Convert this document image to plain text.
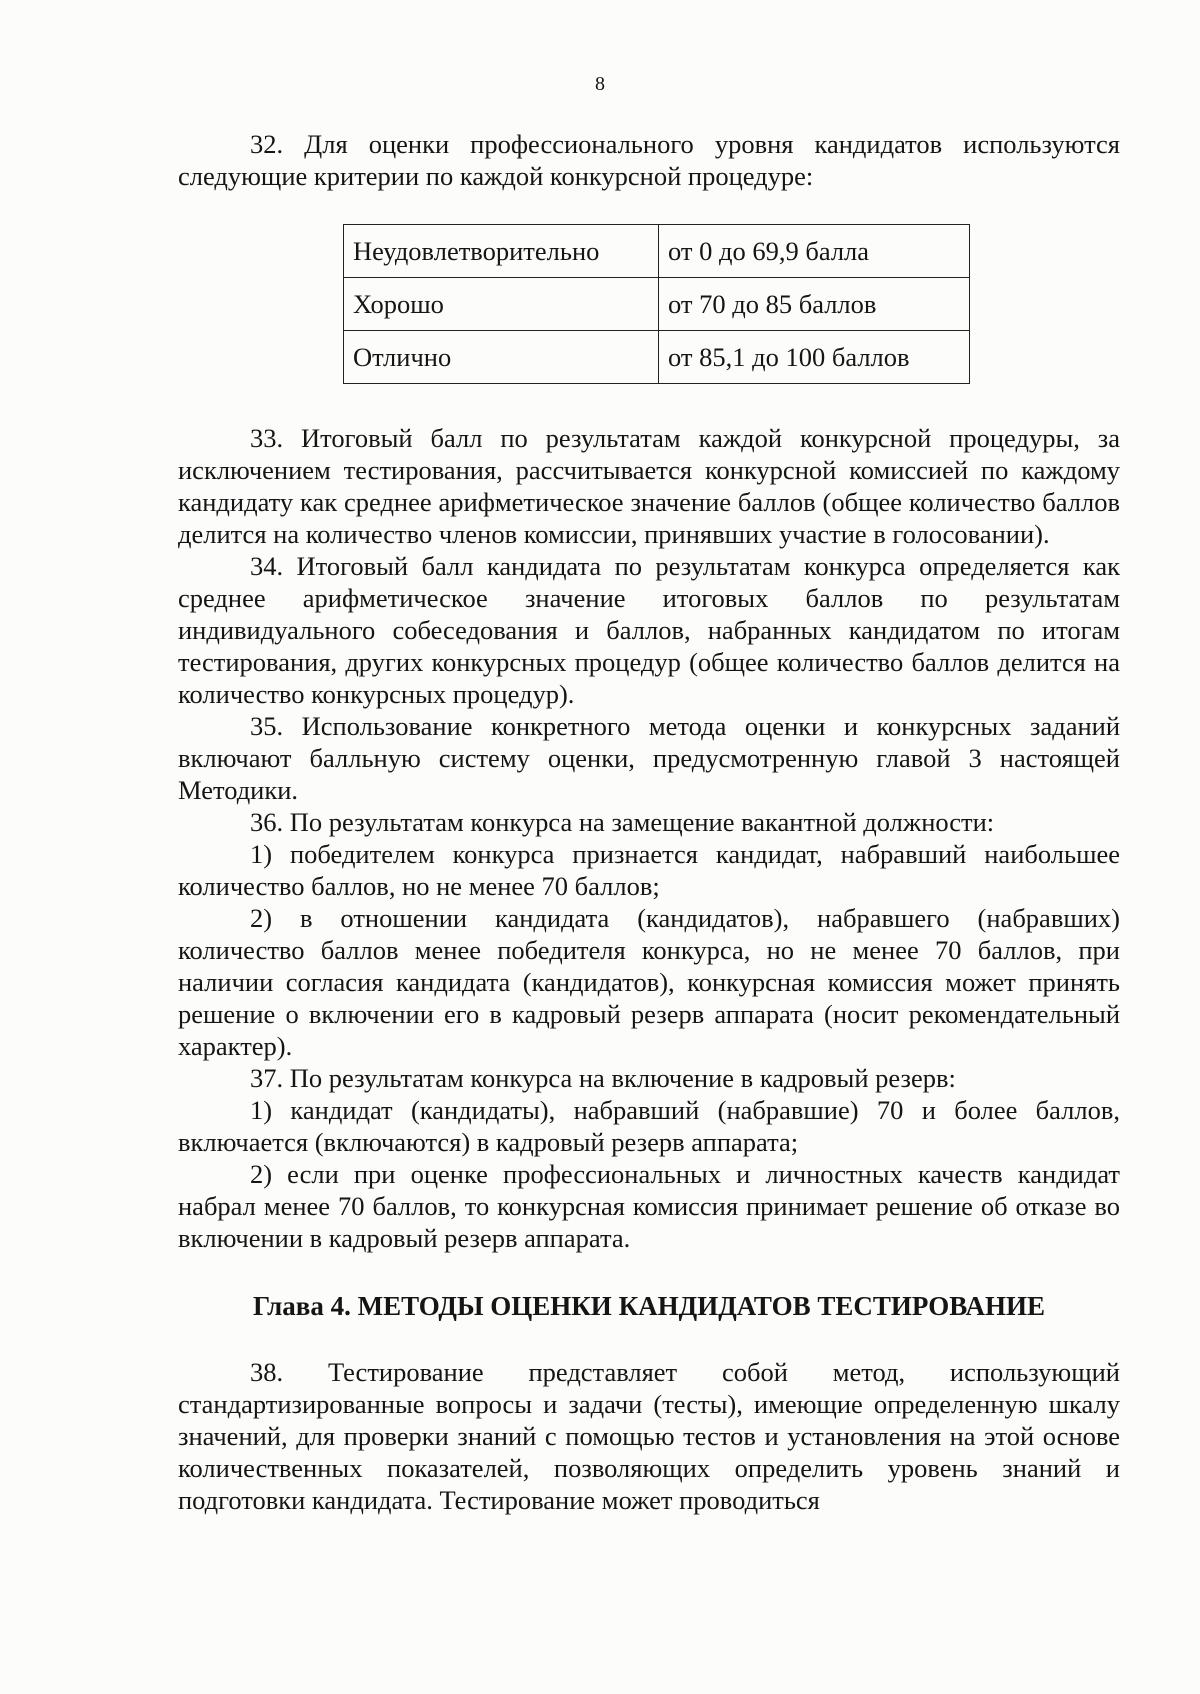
8

32. Для оценки профессионального уровня кандидатов используются следующие критерии по каждой конкурсной процедуре:

Неудовлетворительно	от 0 до 69,9 балла
Хорошо	от 70 до 85 баллов
Отлично	от 85,1 до 100 баллов

33. Итоговый балл по результатам каждой конкурсной процедуры, за исключением тестирования, рассчитывается конкурсной комиссией по каждому кандидату как среднее арифметическое значение баллов (общее количество баллов делится на количество членов комиссии, принявших участие в голосовании).

34. Итоговый балл кандидата по результатам конкурса определяется как среднее арифметическое значение итоговых баллов по результатам индивидуального собеседования и баллов, набранных кандидатом по итогам тестирования, других конкурсных процедур (общее количество баллов делится на количество конкурсных процедур).

35. Использование конкретного метода оценки и конкурсных заданий включают балльную систему оценки, предусмотренную главой 3 настоящей Методики.

36. По результатам конкурса на замещение вакантной должности:

1) победителем конкурса признается кандидат, набравший наибольшее количество баллов, но не менее 70 баллов;

2) в отношении кандидата (кандидатов), набравшего (набравших) количество баллов менее победителя конкурса, но не менее 70 баллов, при наличии согласия кандидата (кандидатов), конкурсная комиссия может принять решение о включении его в кадровый резерв аппарата (носит рекомендательный характер).

37. По результатам конкурса на включение в кадровый резерв:

1) кандидат (кандидаты), набравший (набравшие) 70 и более баллов, включается (включаются) в кадровый резерв аппарата;

2) если при оценке профессиональных и личностных качеств кандидат набрал менее 70 баллов, то конкурсная комиссия принимает решение об отказе во включении в кадровый резерв аппарата.

Глава 4. МЕТОДЫ ОЦЕНКИ КАНДИДАТОВ ТЕСТИРОВАНИЕ

38. Тестирование представляет собой метод, использующий стандартизированные вопросы и задачи (тесты), имеющие определенную шкалу значений, для проверки знаний с помощью тестов и установления на этой основе количественных показателей, позволяющих определить уровень знаний и подготовки кандидата. Тестирование может проводиться
